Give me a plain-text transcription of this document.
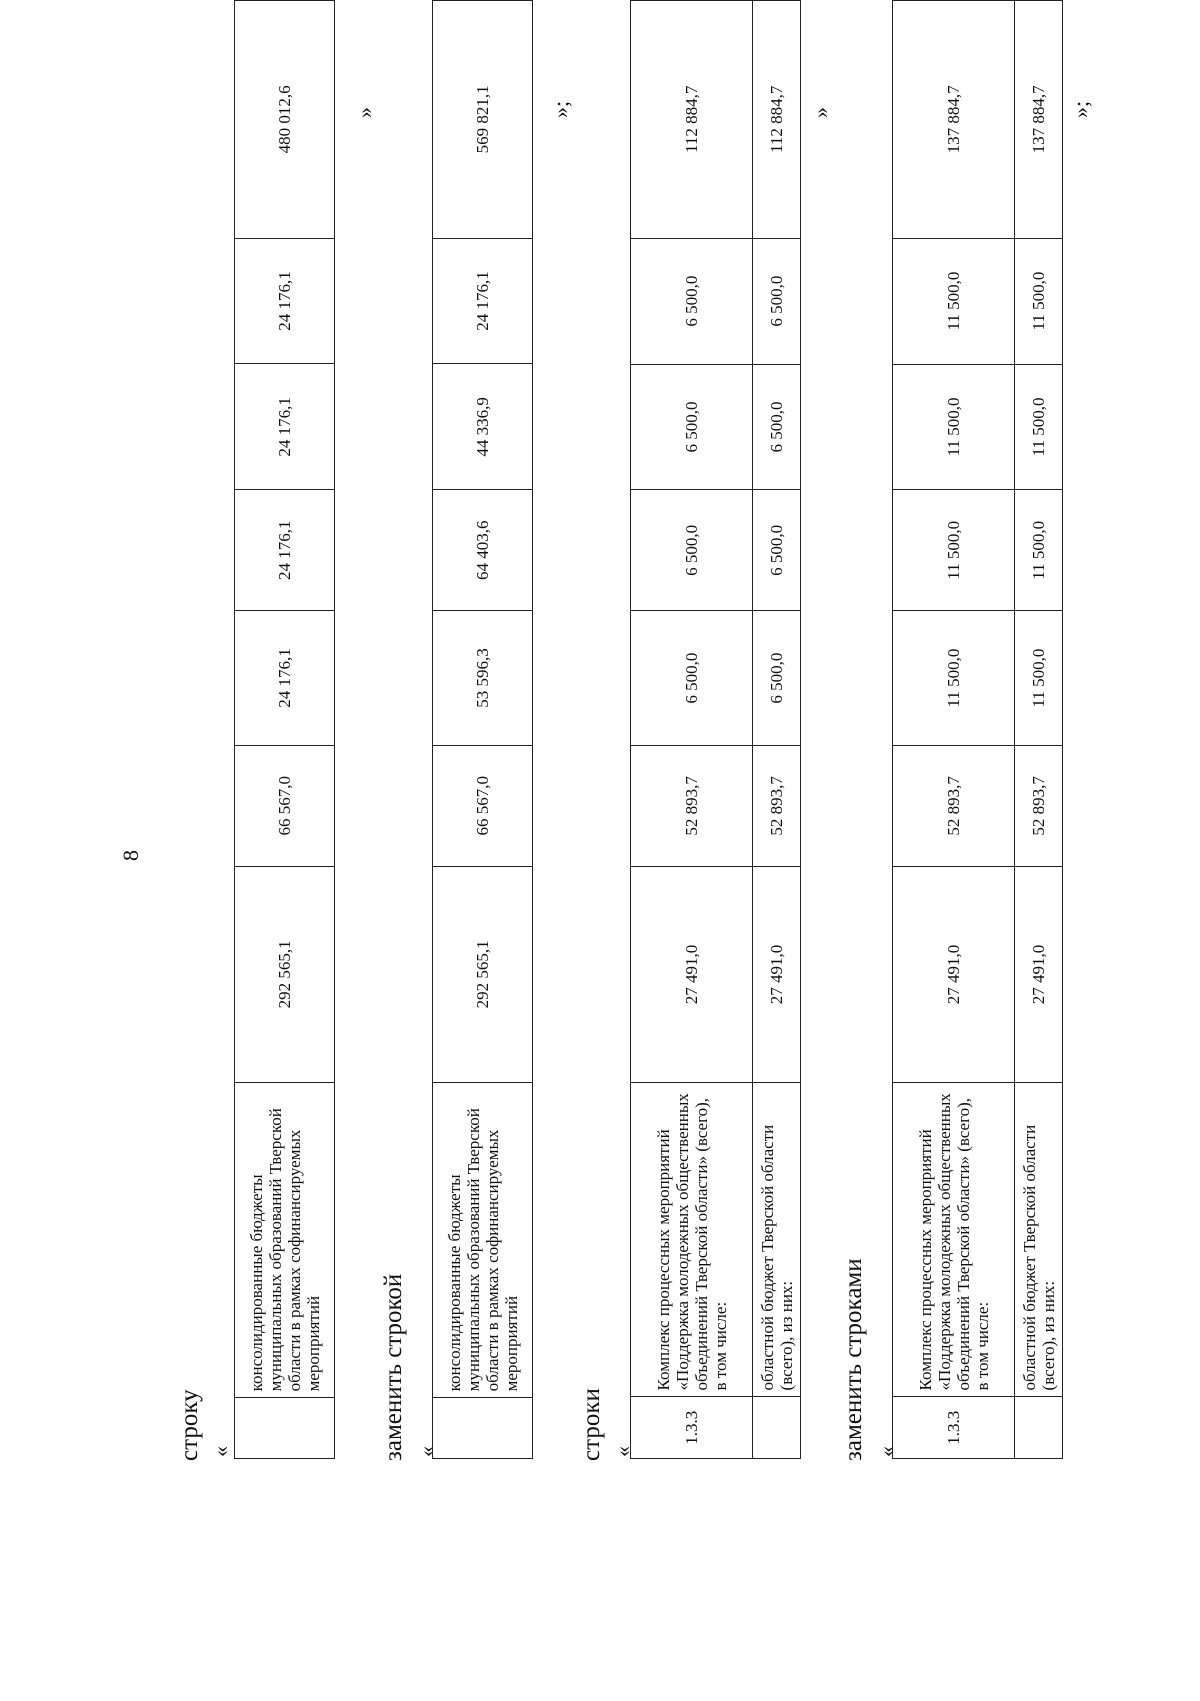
8
строку «
	консолидированные бюджеты муниципальных образований Тверской области в рамках софинансируемых мероприятий	292 565,1	66 567,0	24 176,1	24 176,1	24 176,1	24 176,1	480 012,6	»
заменить строкой «
	консолидированные бюджеты муниципальных образований Тверской области в рамках софинансируемых мероприятий	292 565,1	66 567,0	53 596,3	64 403,6	44 336,9	24 176,1	569 821,1	»;
строки «
1.3.3	Комплекс процессных мероприятий «Поддержка молодежных общественных объединений Тверской области» (всего), в том числе:	27 491,0	52 893,7	6 500,0	6 500,0	6 500,0	6 500,0	112 884,7
	областной бюджет Тверской области (всего), из них:	27 491,0	52 893,7	6 500,0	6 500,0	6 500,0	6 500,0	112 884,7 »
заменить строками «
1.3.3	Комплекс процессных мероприятий «Поддержка молодежных общественных объединений Тверской области» (всего), в том числе:	27 491,0	52 893,7	11 500,0	11 500,0	11 500,0	11 500,0	137 884,7
	областной бюджет Тверской области (всего), из них:	27 491,0	52 893,7	11 500,0	11 500,0	11 500,0	11 500,0	137 884,7 »;
